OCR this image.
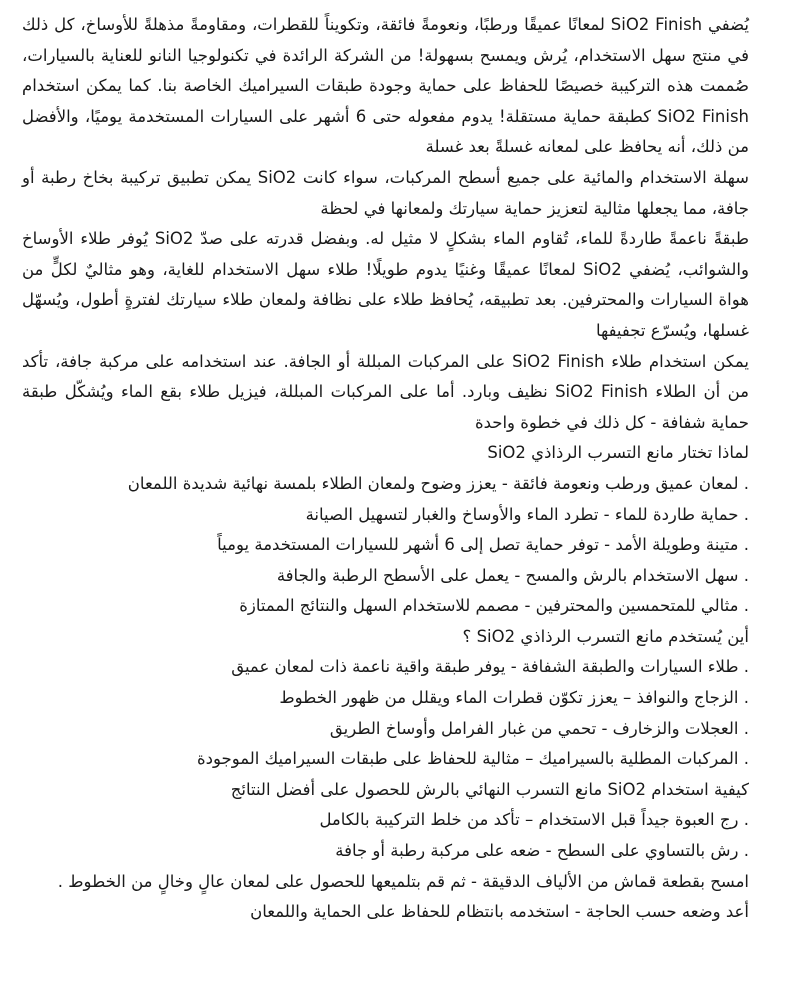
يُضفي SiO2 Finish لمعانًا عميقًا ورطبًا، ونعومةً فائقة، وتكويناً للقطرات، ومقاومةً مذهلةً للأوساخ، كل ذلك في منتج سهل الاستخدام، يُرش ويمسح بسهولة! من الشركة الرائدة في تكنولوجيا النانو للعناية بالسيارات، صُممت هذه التركيبة خصيصًا للحفاظ على حماية وجودة طبقات السيراميك الخاصة بنا. كما يمكن استخدام SiO2 Finish كطبقة حماية مستقلة! يدوم مفعوله حتى 6 أشهر على السيارات المستخدمة يوميًا، والأفضل من ذلك، أنه يحافظ على لمعانه غسلةً بعد غسلة

سهلة الاستخدام والمائية على جميع أسطح المركبات، سواء كانت SiO2 يمكن تطبيق تركيبة بخاخ رطبة أو جافة، مما يجعلها مثالية لتعزيز حماية سيارتك ولمعانها في لحظة

طبقةً ناعمةً طاردةً للماء، تُقاوم الماء بشكلٍ لا مثيل له. وبفضل قدرته على صدّ SiO2 يُوفر طلاء الأوساخ والشوائب، يُضفي SiO2 لمعانًا عميقًا وغنيًا يدوم طويلًا! طلاء سهل الاستخدام للغاية، وهو مثاليٌ لكلٍّ من هواة السيارات والمحترفين. بعد تطبيقه، يُحافظ طلاء على نظافة ولمعان طلاء سيارتك لفترةٍ أطول، ويُسهّل غسلها، ويُسرّع تجفيفها

يمكن استخدام طلاء SiO2 Finish على المركبات المبللة أو الجافة. عند استخدامه على مركبة جافة، تأكد من أن الطلاء SiO2 Finish نظيف وبارد. أما على المركبات المبللة، فيزيل طلاء بقع الماء ويُشكّل طبقة حماية شفافة - كل ذلك في خطوة واحدة

لماذا تختار مانع التسرب الرذاذي SiO2

. لمعان عميق ورطب ونعومة فائقة - يعزز وضوح ولمعان الطلاء بلمسة نهائية شديدة اللمعان
. حماية طاردة للماء - تطرد الماء والأوساخ والغبار لتسهيل الصيانة
. متينة وطويلة الأمد - توفر حماية تصل إلى 6 أشهر للسيارات المستخدمة يومياً
. سهل الاستخدام بالرش والمسح - يعمل على الأسطح الرطبة والجافة
. مثالي للمتحمسين والمحترفين - مصمم للاستخدام السهل والنتائج الممتازة

أين يُستخدم مانع التسرب الرذاذي SiO2 ؟

. طلاء السيارات والطبقة الشفافة - يوفر طبقة واقية ناعمة ذات لمعان عميق
. الزجاج والنوافذ – يعزز تكوّن قطرات الماء ويقلل من ظهور الخطوط
. العجلات والزخارف - تحمي من غبار الفرامل وأوساخ الطريق
. المركبات المطلية بالسيراميك – مثالية للحفاظ على طبقات السيراميك الموجودة

كيفية استخدام SiO2 مانع التسرب النهائي بالرش للحصول على أفضل النتائج

. رج العبوة جيداً قبل الاستخدام – تأكد من خلط التركيبة بالكامل
. رش بالتساوي على السطح - ضعه على مركبة رطبة أو جافة

امسح بقطعة قماش من الألياف الدقيقة - ثم قم بتلميعها للحصول على لمعان عالٍ وخالٍ من الخطوط .

أعد وضعه حسب الحاجة - استخدمه بانتظام للحفاظ على الحماية واللمعان
